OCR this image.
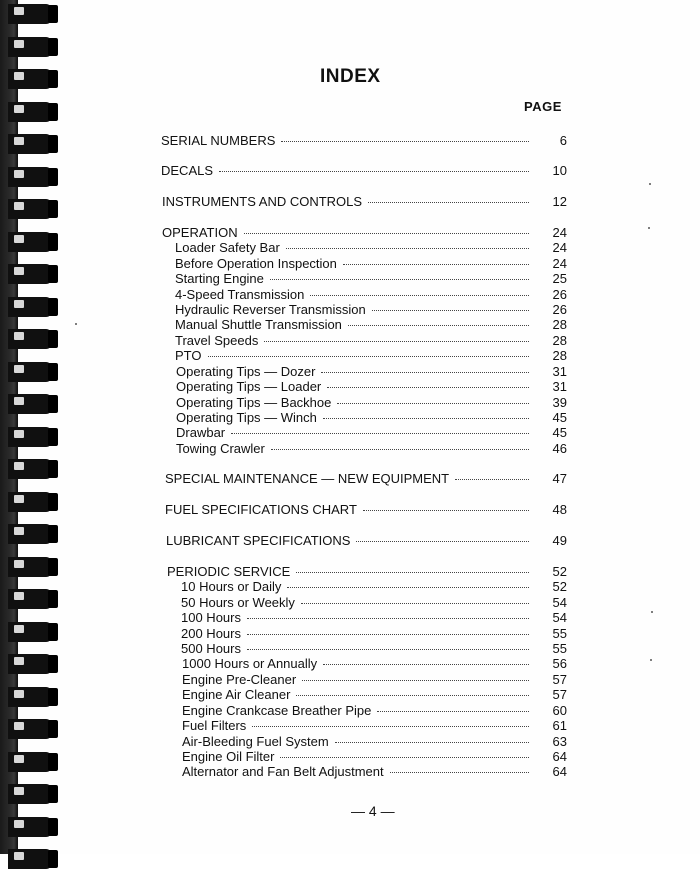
INDEX
PAGE
SERIAL NUMBERS	6
DECALS	10
INSTRUMENTS AND CONTROLS	12
OPERATION	24
Loader Safety Bar	24
Before Operation Inspection	24
Starting Engine	25
4-Speed Transmission	26
Hydraulic Reverser Transmission	26
Manual Shuttle Transmission	28
Travel Speeds	28
PTO	28
Operating Tips — Dozer	31
Operating Tips — Loader	31
Operating Tips — Backhoe	39
Operating Tips — Winch	45
Drawbar	45
Towing Crawler	46
SPECIAL MAINTENANCE — NEW EQUIPMENT	47
FUEL SPECIFICATIONS CHART	48
LUBRICANT SPECIFICATIONS	49
PERIODIC SERVICE	52
10 Hours or Daily	52
50 Hours or Weekly	54
100 Hours	54
200 Hours	55
500 Hours	55
1000 Hours or Annually	56
Engine Pre-Cleaner	57
Engine Air Cleaner	57
Engine Crankcase Breather Pipe	60
Fuel Filters	61
Air-Bleeding Fuel System	63
Engine Oil Filter	64
Alternator and Fan Belt Adjustment	64
— 4 —
